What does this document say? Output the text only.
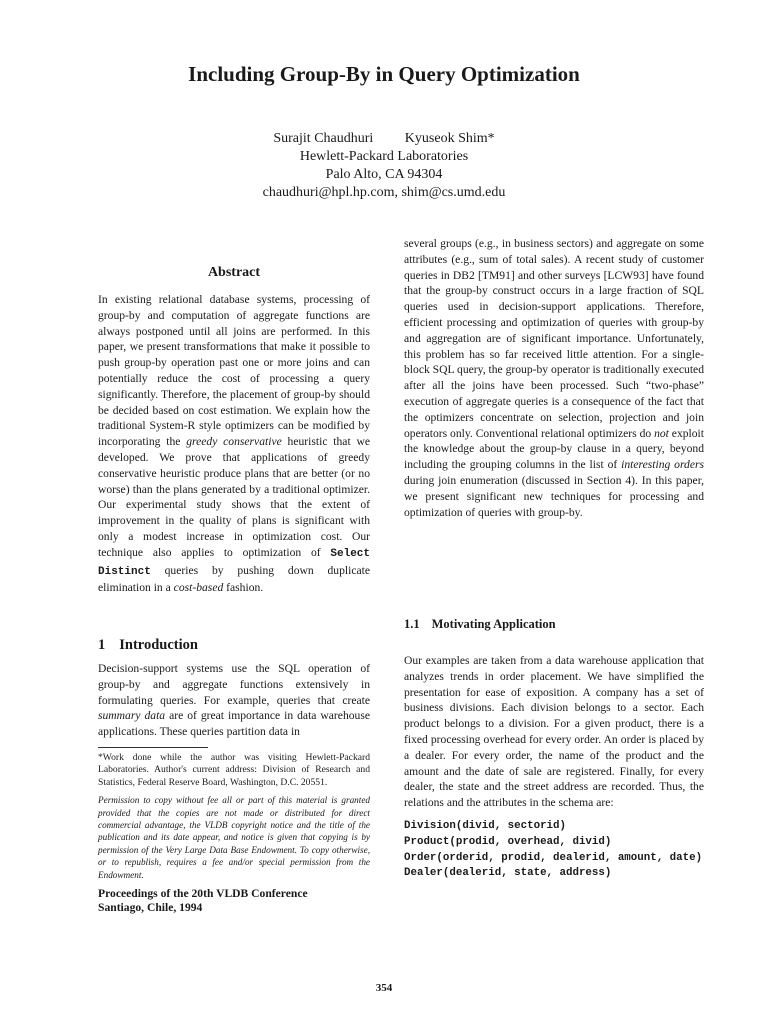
Including Group-By in Query Optimization
Surajit Chaudhuri Kyuseok Shim*
Hewlett-Packard Laboratories
Palo Alto, CA 94304
chaudhuri@hpl.hp.com, shim@cs.umd.edu
Abstract

In existing relational database systems, processing of group-by and computation of aggregate functions are always postponed until all joins are performed. In this paper, we present transformations that make it possible to push group-by operation past one or more joins and can potentially reduce the cost of processing a query significantly. Therefore, the placement of group-by should be decided based on cost estimation. We explain how the traditional System-R style optimizers can be modified by incorporating the greedy conservative heuristic that we developed. We prove that applications of greedy conservative heuristic produce plans that are better (or no worse) than the plans generated by a traditional optimizer. Our experimental study shows that the extent of improvement in the quality of plans is significant with only a modest increase in optimization cost. Our technique also applies to optimization of Select Distinct queries by pushing down duplicate elimination in a cost-based fashion.

1 Introduction

Decision-support systems use the SQL operation of group-by and aggregate functions extensively in formulating queries. For example, queries that create summary data are of great importance in data warehouse applications. These queries partition data in

*Work done while the author was visiting Hewlett-Packard Laboratories. Author's current address: Division of Research and Statistics, Federal Reserve Board, Washington, D.C. 20551.

Permission to copy without fee all or part of this material is granted provided that the copies are not made or distributed for direct commercial advantage, the VLDB copyright notice and the title of the publication and its date appear, and notice is given that copying is by permission of the Very Large Data Base Endowment. To copy otherwise, or to republish, requires a fee and/or special permission from the Endowment.

Proceedings of the 20th VLDB Conference

Santiago, Chile, 1994

several groups (e.g., in business sectors) and aggregate on some attributes (e.g., sum of total sales). A recent study of customer queries in DB2 [TM91] and other surveys [LCW93] have found that the group-by construct occurs in a large fraction of SQL queries used in decision-support applications. Therefore, efficient processing and optimization of queries with group-by and aggregation are of significant importance. Unfortunately, this problem has so far received little attention. For a single-block SQL query, the group-by operator is traditionally executed after all the joins have been processed. Such “two-phase” execution of aggregate queries is a consequence of the fact that the optimizers concentrate on selection, projection and join operators only. Conventional relational optimizers do not exploit the knowledge about the group-by clause in a query, beyond including the grouping columns in the list of interesting orders during join enumeration (discussed in Section 4). In this paper, we present significant new techniques for processing and optimization of queries with group-by.

1.1 Motivating Application

Our examples are taken from a data warehouse application that analyzes trends in order placement. We have simplified the presentation for ease of exposition. A company has a set of business divisions. Each division belongs to a sector. Each product belongs to a division. For a given product, there is a fixed processing overhead for every order. An order is placed by a dealer. For every order, the name of the product and the amount and the date of sale are registered. Finally, for every dealer, the state and the street address are recorded. Thus, the relations and the attributes in the schema are:

Division(divid, sectorid)
Product(prodid, overhead, divid)
Order(orderid, prodid, dealerid, amount, date)
Dealer(dealerid, state, address)
354
